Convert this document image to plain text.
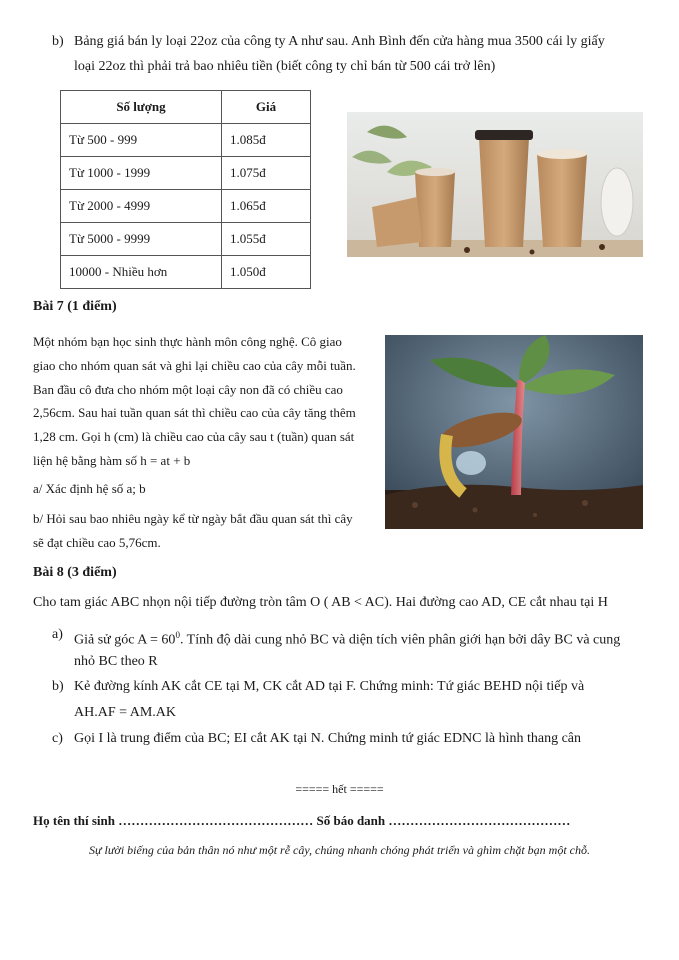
b) Bảng giá bán ly loại 22oz của công ty A như sau. Anh Bình đến cửa hàng mua 3500 cái ly giấy
loại 22oz thì phải trả bao nhiêu tiền (biết công ty chỉ bán từ 500 cái trở lên)
Số lượng	Giá
Từ 500 - 999	1.085đ
Từ 1000 - 1999	1.075đ
Từ 2000 - 4999	1.065đ
Từ 5000 - 9999	1.055đ
10000 - Nhiều hơn	1.050đ
Bài 7 (1 điểm)
Một nhóm bạn học sinh thực hành môn công nghệ. Cô giao
giao cho nhóm quan sát và ghi lại chiều cao của cây mỗi tuần.
Ban đầu cô đưa cho nhóm một loại cây non đã có chiều cao
2,56cm. Sau hai tuần quan sát thì chiều cao của cây tăng thêm
1,28 cm. Gọi h (cm) là chiều cao của cây sau t (tuần) quan sát
liện hệ bằng hàm số h = at + b
a/ Xác định hệ số a; b
b/ Hỏi sau bao nhiêu ngày kể từ ngày bắt đầu quan sát thì cây
sẽ đạt chiều cao 5,76cm.
Bài 8 (3 điểm)
Cho tam giác ABC nhọn nội tiếp đường tròn tâm O ( AB < AC). Hai đường cao AD, CE cắt nhau tại H
a) Giả sử góc $A = 60^0$. Tính độ dài cung nhỏ BC và diện tích viên phân giới hạn bởi dây BC và cung
nhỏ BC theo R
b) Kẻ đường kính AK cắt CE tại M, CK cắt AD tại F. Chứng minh: Tứ giác BEHD nội tiếp và
AH.AF = AM.AK
c) Gọi I là trung điểm của BC; EI cắt AK tại N. Chứng minh tứ giác EDNC là hình thang cân
===== hết =====
Họ tên thí sinh ……………………………………… Số báo danh ……………………………………
Sự lười biếng của bản thân nó như một rễ cây, chúng nhanh chóng phát triển và ghìm chặt bạn một chỗ.
